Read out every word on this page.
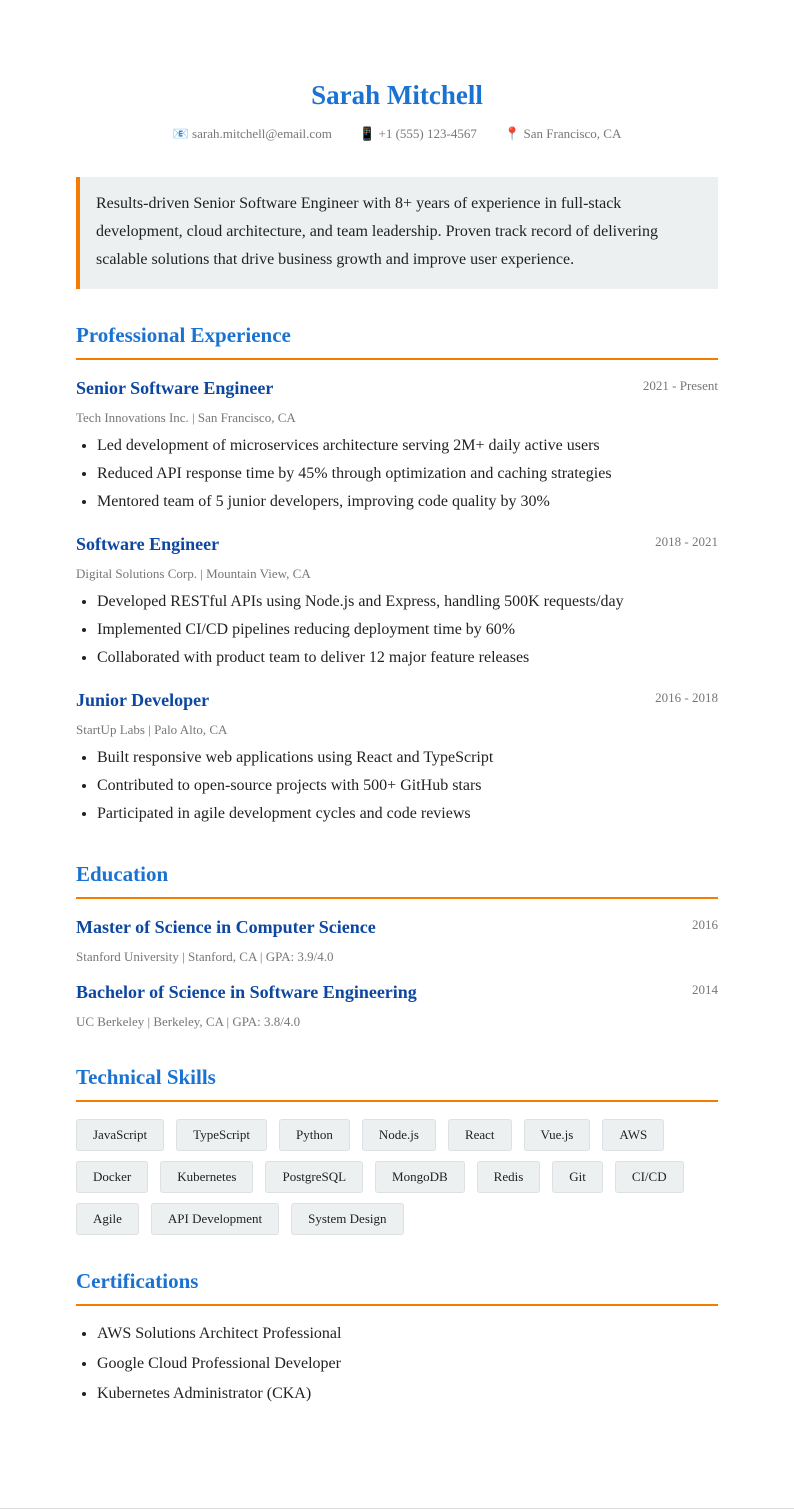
Sarah Mitchell
📧 sarah.mitchell@email.com 📱 +1 (555) 123-4567 📍 San Francisco, CA
Results-driven Senior Software Engineer with 8+ years of experience in full-stack development, cloud architecture, and team leadership. Proven track record of delivering scalable solutions that drive business growth and improve user experience.
Professional Experience
Senior Software Engineer	2021 - Present
Tech Innovations Inc. | San Francisco, CA
• Led development of microservices architecture serving 2M+ daily active users
• Reduced API response time by 45% through optimization and caching strategies
• Mentored team of 5 junior developers, improving code quality by 30%
Software Engineer	2018 - 2021
Digital Solutions Corp. | Mountain View, CA
• Developed RESTful APIs using Node.js and Express, handling 500K requests/day
• Implemented CI/CD pipelines reducing deployment time by 60%
• Collaborated with product team to deliver 12 major feature releases
Junior Developer	2016 - 2018
StartUp Labs | Palo Alto, CA
• Built responsive web applications using React and TypeScript
• Contributed to open-source projects with 500+ GitHub stars
• Participated in agile development cycles and code reviews
Education
Master of Science in Computer Science	2016
Stanford University | Stanford, CA | GPA: 3.9/4.0
Bachelor of Science in Software Engineering	2014
UC Berkeley | Berkeley, CA | GPA: 3.8/4.0
Technical Skills
JavaScript	TypeScript	Python	Node.js	React	Vue.js	AWS
Docker	Kubernetes	PostgreSQL	MongoDB	Redis	Git	CI/CD
Agile	API Development	System Design
Certifications
• AWS Solutions Architect Professional
• Google Cloud Professional Developer
• Kubernetes Administrator (CKA)
